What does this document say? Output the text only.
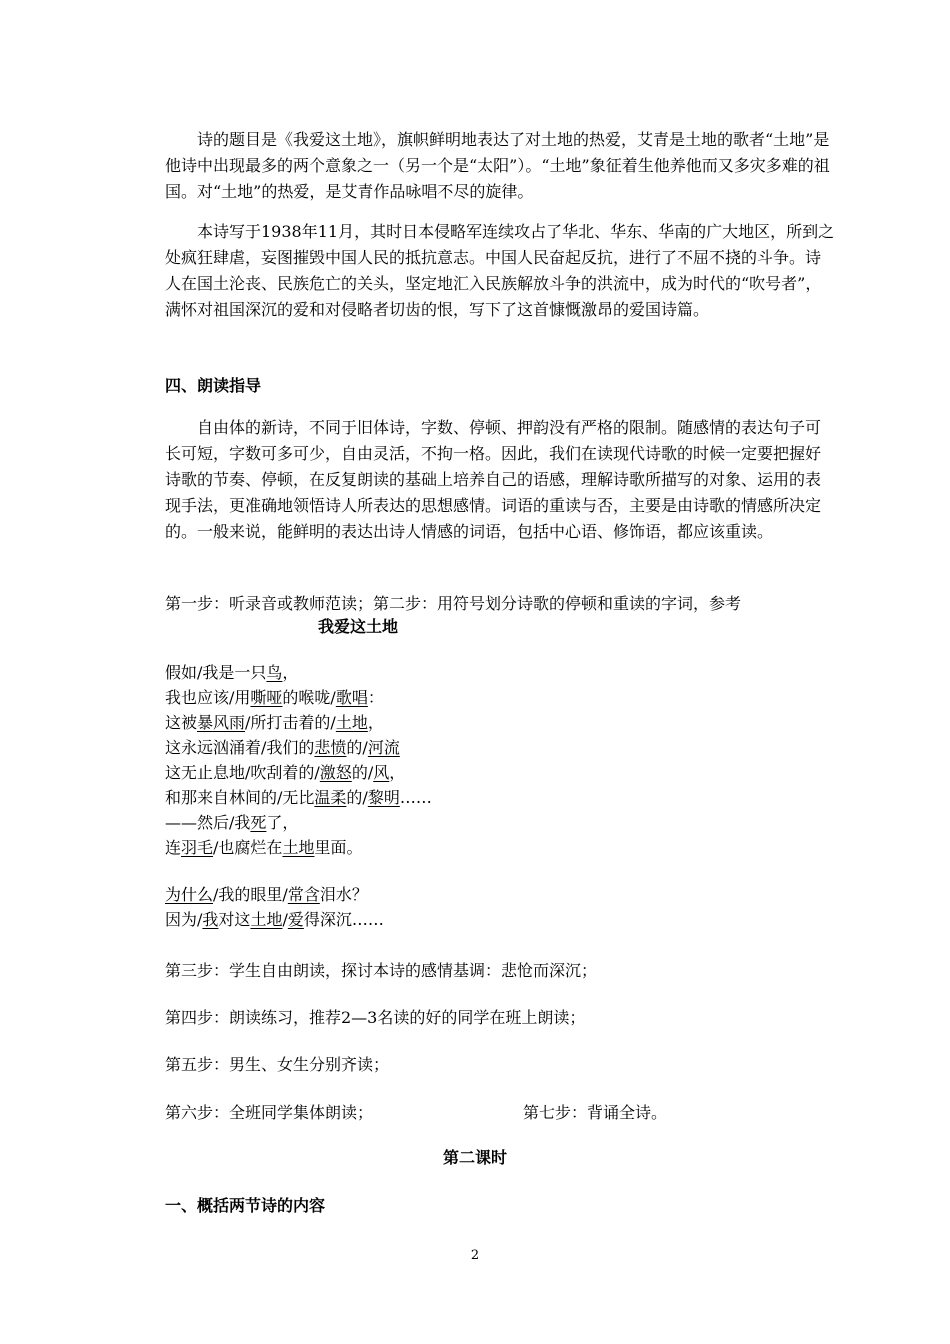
诗的题目是《我爱这土地》，旗帜鲜明地表达了对土地的热爱，艾青是土地的歌者“土地”是他诗中出现最多的两个意象之一（另一个是“太阳”）。“土地”象征着生他养他而又多灾多难的祖国。对“土地”的热爱，是艾青作品咏唱不尽的旋律。

本诗写于1938年11月，其时日本侵略军连续攻占了华北、华东、华南的广大地区，所到之处疯狂肆虐，妄图摧毁中国人民的抵抗意志。中国人民奋起反抗，进行了不屈不挠的斗争。诗人在国土沦丧、民族危亡的关头，坚定地汇入民族解放斗争的洪流中，成为时代的“吹号者”，满怀对祖国深沉的爱和对侵略者切齿的恨，写下了这首慷慨激昂的爱国诗篇。

四、朗读指导

自由体的新诗，不同于旧体诗，字数、停顿、押韵没有严格的限制。随感情的表达句子可长可短，字数可多可少，自由灵活，不拘一格。因此，我们在读现代诗歌的时候一定要把握好诗歌的节奏、停顿，在反复朗读的基础上培养自己的语感，理解诗歌所描写的对象、运用的表现手法，更准确地领悟诗人所表达的思想感情。词语的重读与否，主要是由诗歌的情感所决定的。一般来说，能鲜明的表达出诗人情感的词语，包括中心语、修饰语，都应该重读。

第一步：听录音或教师范读；第二步：用符号划分诗歌的停顿和重读的字词，参考

我爱这土地

假如/我是一只鸟，
我也应该/用嘶哑的喉咙/歌唱：
这被暴风雨/所打击着的/土地，
这永远汹涌着/我们的悲愤的/河流
这无止息地/吹刮着的/激怒的/风，
和那来自林间的/无比温柔的/黎明……
——然后/我死了，
连羽毛/也腐烂在土地里面。
为什么/我的眼里/常含泪水？
因为/我对这土地/爱得深沉……

第三步：学生自由朗读，探讨本诗的感情基调：悲怆而深沉；

第四步：朗读练习，推荐2—3名读的好的同学在班上朗读；

第五步：男生、女生分别齐读；

第六步：全班同学集体朗读；	第七步：背诵全诗。

第二课时

一、概括两节诗的内容

2
